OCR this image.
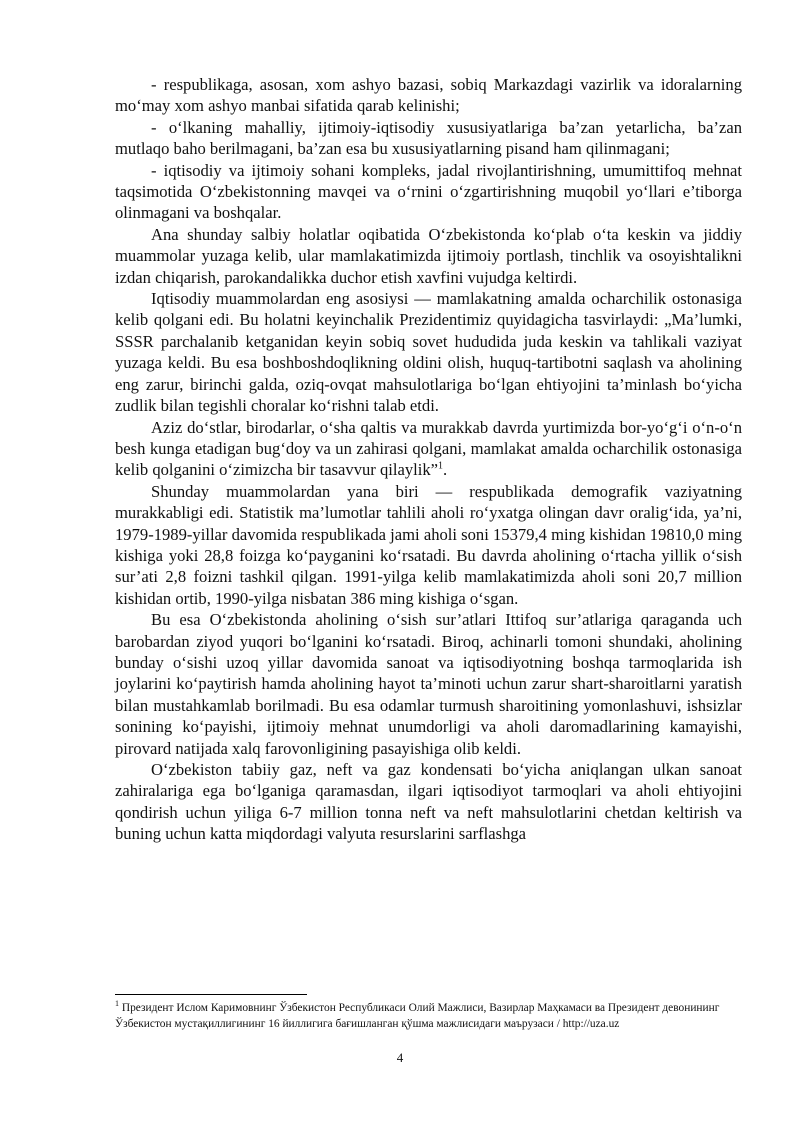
- respublikaga, asosan, xom ashyo bazasi, sobiq Markazdagi vazirlik va idoralarning mo‘may xom ashyo manbai sifatida qarab kelinishi;

- o‘lkaning mahalliy, ijtimoiy-iqtisodiy xususiyatlariga ba’zan yetarlicha, ba’zan mutlaqo baho berilmagani, ba’zan esa bu xususiyatlarning pisand ham qilinmagani;

- iqtisodiy va ijtimoiy sohani kompleks, jadal rivojlantirishning, umumittifoq mehnat taqsimotida O‘zbekistonning mavqei va o‘rnini o‘zgartirishning muqobil yo‘llari e’tiborga olinmagani va boshqalar.

Ana shunday salbiy holatlar oqibatida O‘zbekistonda ko‘plab o‘ta keskin va jiddiy muammolar yuzaga kelib, ular mamlakatimizda ijtimoiy portlash, tinchlik va osoyishtalikni izdan chiqarish, parokandalikka duchor etish xavfini vujudga keltirdi.

Iqtisodiy muammolardan eng asosiysi — mamlakatning amalda ocharchilik ostonasiga kelib qolgani edi. Bu holatni keyinchalik Prezidentimiz quyidagicha tasvirlaydi: „Ma’lumki, SSSR parchalanib ketganidan keyin sobiq sovet hududida juda keskin va tahlikali vaziyat yuzaga keldi. Bu esa boshboshdoqlikning oldini olish, huquq-tartibotni saqlash va aholining eng zarur, birinchi galda, oziq-ovqat mahsulotlariga bo‘lgan ehtiyojini ta’minlash bo‘yicha zudlik bilan tegishli choralar ko‘rishni talab etdi.

Aziz do‘stlar, birodarlar, o‘sha qaltis va murakkab davrda yurtimizda bor-yo‘g‘i o‘n-o‘n besh kunga etadigan bug‘doy va un zahirasi qolgani, mamlakat amalda ocharchilik ostonasiga kelib qolganini o‘zimizcha bir tasavvur qilaylik”$^1$.

Shunday muammolardan yana biri — respublikada demografik vaziyatning murakkabligi edi. Statistik ma’lumotlar tahlili aholi ro‘yxatga olingan davr oralig‘ida, ya’ni, 1979-1989-yillar davomida respublikada jami aholi soni 15379,4 ming kishidan 19810,0 ming kishiga yoki 28,8 foizga ko‘payganini ko‘rsatadi. Bu davrda aholining o‘rtacha yillik o‘sish sur’ati 2,8 foizni tashkil qilgan. 1991-yilga kelib mamlakatimizda aholi soni 20,7 million kishidan ortib, 1990-yilga nisbatan 386 ming kishiga o‘sgan.

Bu esa O‘zbekistonda aholining o‘sish sur’atlari Ittifoq sur’atlariga qaraganda uch barobardan ziyod yuqori bo‘lganini ko‘rsatadi. Biroq, achinarli tomoni shundaki, aholining bunday o‘sishi uzoq yillar davomida sanoat va iqtisodiyotning boshqa tarmoqlarida ish joylarini ko‘paytirish hamda aholining hayot ta’minoti uchun zarur shart-sharoitlarni yaratish bilan mustahkamlab borilmadi. Bu esa odamlar turmush sharoitining yomonlashuvi, ishsizlar sonining ko‘payishi, ijtimoiy mehnat unumdorligi va aholi daromadlarining kamayishi, pirovard natijada xalq farovonligining pasayishiga olib keldi.

O‘zbekiston tabiiy gaz, neft va gaz kondensati bo‘yicha aniqlangan ulkan sanoat zahiralariga ega bo‘lganiga qaramasdan, ilgari iqtisodiyot tarmoqlari va aholi ehtiyojini qondirish uchun yiliga 6-7 million tonna neft va neft mahsulotlarini chetdan keltirish va buning uchun katta miqdordagi valyuta resurslarini sarflashga

$^1$ Президент Ислом Каримовнинг Ўзбекистон Республикаси Олий Мажлиси, Вазирлар Маҳкамаси ва Президент девонининг Ўзбекистон мустақиллигининг 16 йиллигига бағишланган қўшма мажлисидаги маърузаси / http://uza.uz

4
